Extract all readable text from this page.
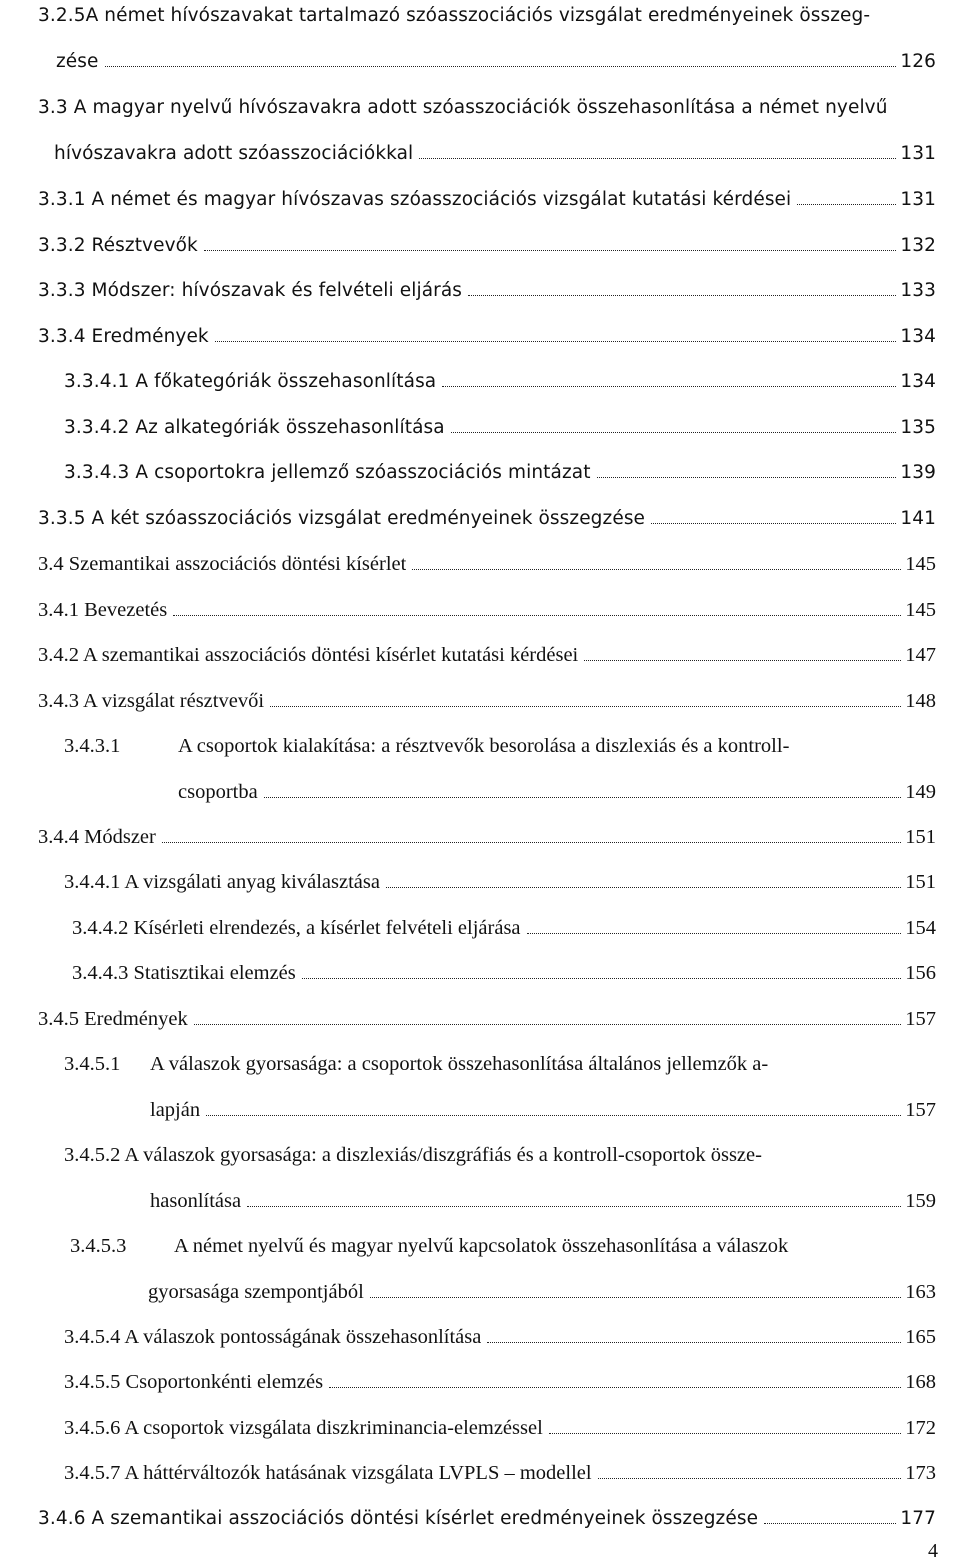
3.2.5A német hívószavakat tartalmazó szóasszociációs vizsgálat eredményeinek összeg-
zése	126
3.3 A magyar nyelvű hívószavakra adott szóasszociációk összehasonlítása a német nyelvű
hívószavakra adott szóasszociációkkal	131
3.3.1 A német és magyar hívószavas szóasszociációs vizsgálat kutatási kérdései	131
3.3.2 Résztvevők	132
3.3.3 Módszer: hívószavak és felvételi eljárás	133
3.3.4 Eredmények	134
3.3.4.1 A főkategóriák összehasonlítása	134
3.3.4.2 Az alkategóriák összehasonlítása	135
3.3.4.3 A csoportokra jellemző szóasszociációs mintázat	139
3.3.5 A két szóasszociációs vizsgálat eredményeinek összegzése	141
3.4 Szemantikai asszociációs döntési kísérlet	145
3.4.1 Bevezetés	145
3.4.2 A szemantikai asszociációs döntési kísérlet kutatási kérdései	147
3.4.3 A vizsgálat résztvevői	148
3.4.3.1	A csoportok kialakítása: a résztvevők besorolása a diszlexiás és a kontroll-
csoportba	149
3.4.4 Módszer	151
3.4.4.1 A vizsgálati anyag kiválasztása	151
3.4.4.2 Kísérleti elrendezés, a kísérlet felvételi eljárása	154
3.4.4.3 Statisztikai elemzés	156
3.4.5 Eredmények	157
3.4.5.1	A válaszok gyorsasága: a csoportok összehasonlítása általános jellemzők a-
lapján	157
3.4.5.2 A válaszok gyorsasága: a diszlexiás/diszgráfiás és a kontroll-csoportok össze-
hasonlítása	159
3.4.5.3	A német nyelvű és magyar nyelvű kapcsolatok összehasonlítása a válaszok
gyorsasága szempontjából	163
3.4.5.4 A válaszok pontosságának összehasonlítása	165
3.4.5.5 Csoportonkénti elemzés	168
3.4.5.6 A csoportok vizsgálata diszkriminancia-elemzéssel	172
3.4.5.7 A háttérváltozók hatásának vizsgálata LVPLS – modellel	173
3.4.6 A szemantikai asszociációs döntési kísérlet eredményeinek összegzése	177
4
